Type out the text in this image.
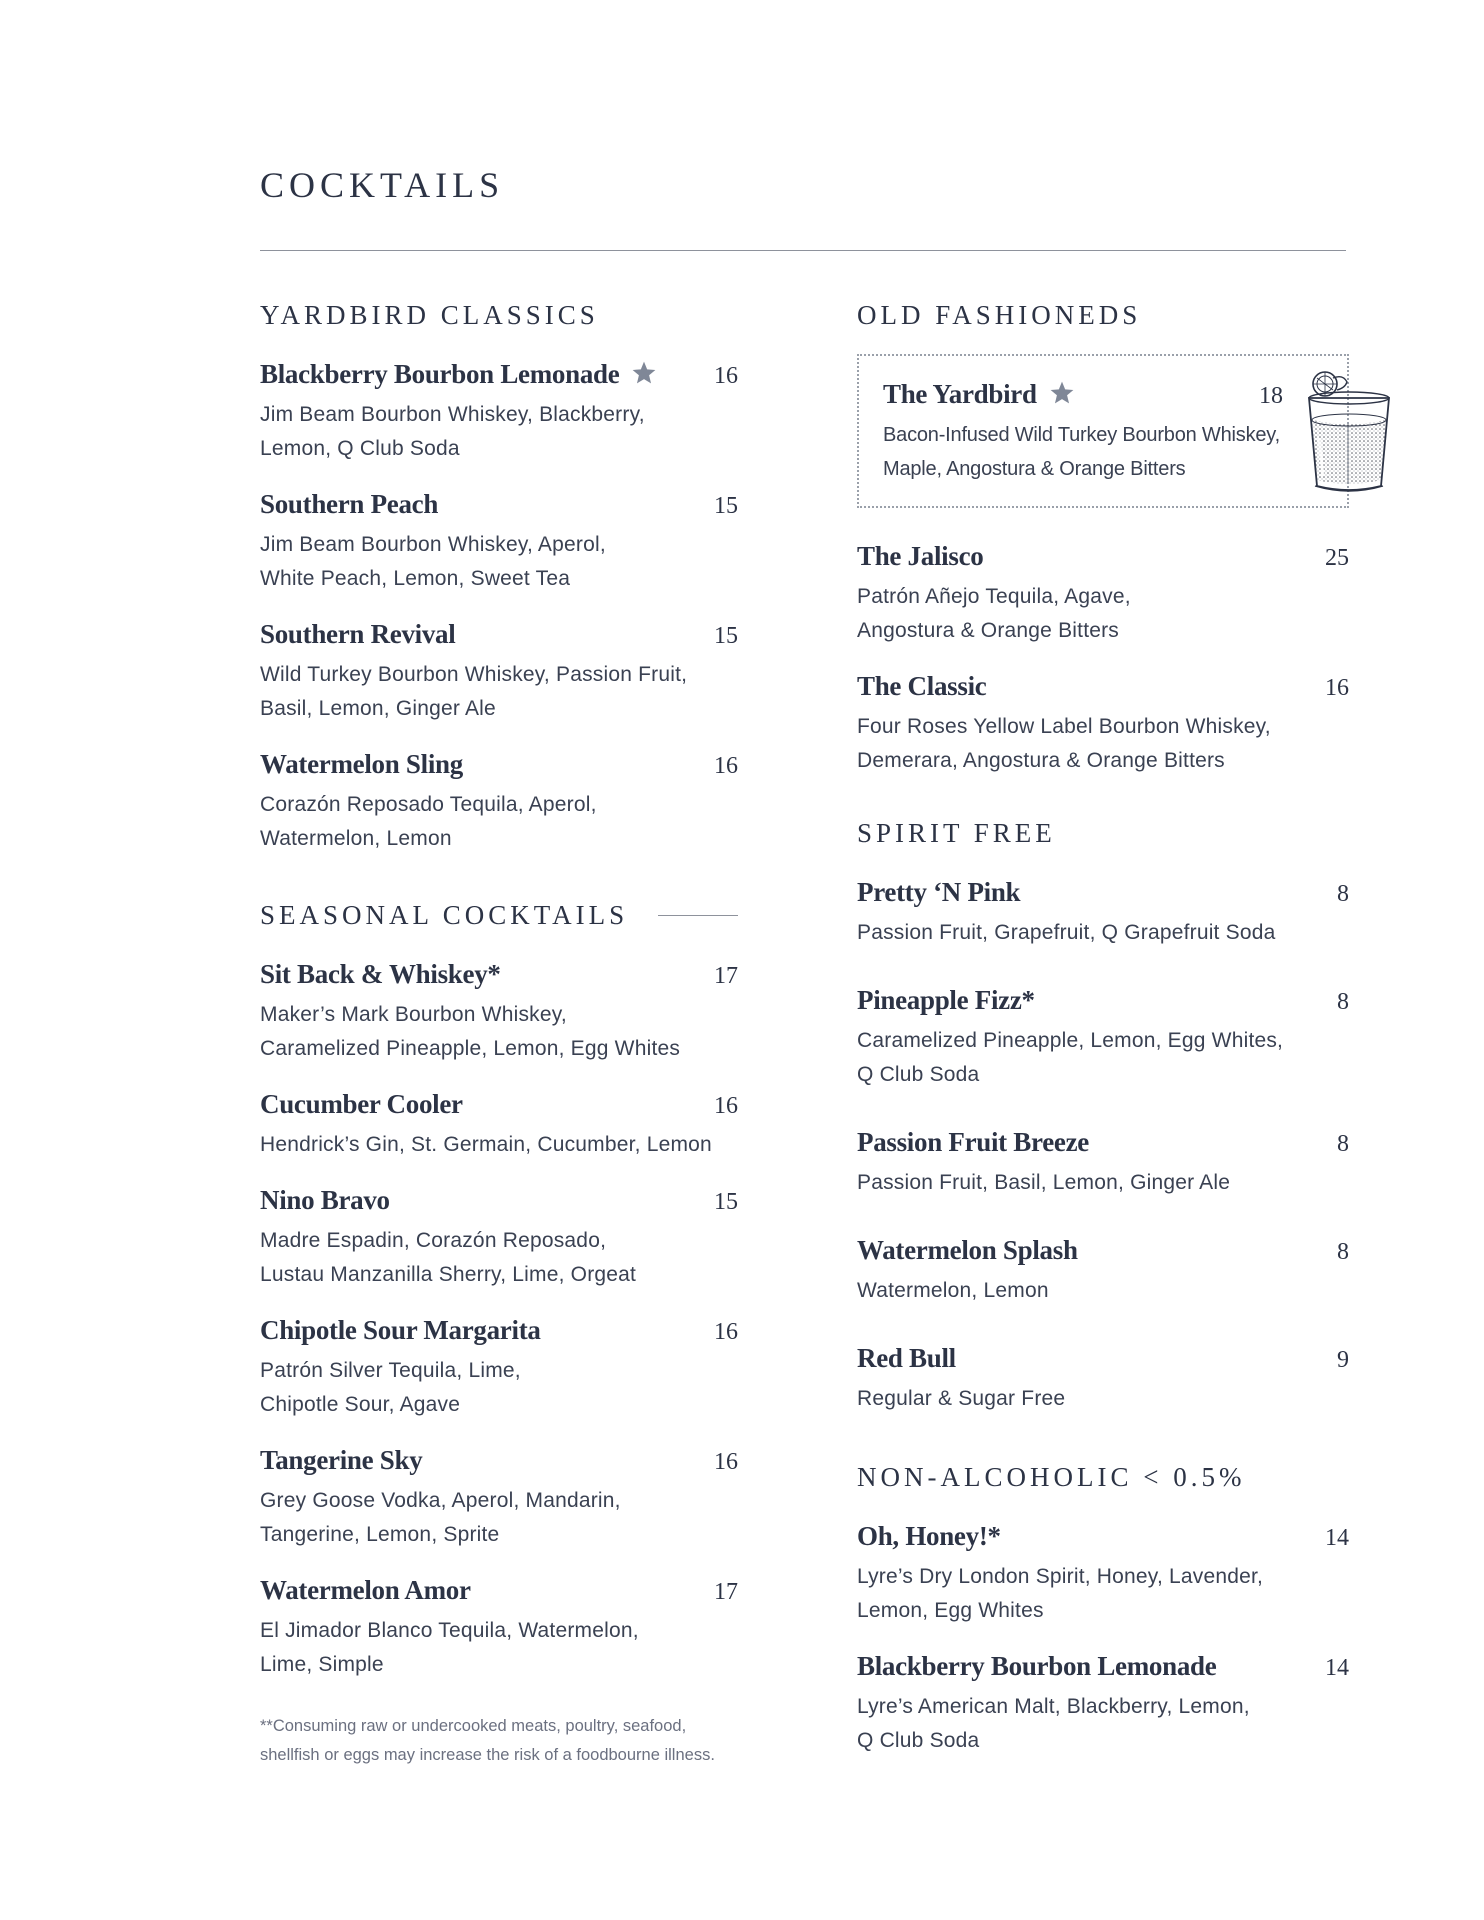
COCKTAILS
YARDBIRD CLASSICS
Blackberry Bourbon Lemonade	16
Jim Beam Bourbon Whiskey, Blackberry,
Lemon, Q Club Soda
Southern Peach	15
Jim Beam Bourbon Whiskey, Aperol,
White Peach, Lemon, Sweet Tea
Southern Revival	15
Wild Turkey Bourbon Whiskey, Passion Fruit,
Basil, Lemon, Ginger Ale
Watermelon Sling	16
Corazón Reposado Tequila, Aperol,
Watermelon, Lemon
SEASONAL COCKTAILS
Sit Back & Whiskey*	17
Maker’s Mark Bourbon Whiskey,
Caramelized Pineapple, Lemon, Egg Whites
Cucumber Cooler	16
Hendrick’s Gin, St. Germain, Cucumber, Lemon
Nino Bravo	15
Madre Espadin, Corazón Reposado,
Lustau Manzanilla Sherry, Lime, Orgeat
Chipotle Sour Margarita	16
Patrón Silver Tequila, Lime,
Chipotle Sour, Agave
Tangerine Sky	16
Grey Goose Vodka, Aperol, Mandarin,
Tangerine, Lemon, Sprite
Watermelon Amor	17
El Jimador Blanco Tequila, Watermelon,
Lime, Simple
OLD FASHIONEDS
The Yardbird	18
Bacon-Infused Wild Turkey Bourbon Whiskey,
Maple, Angostura & Orange Bitters
The Jalisco	25
Patrón Añejo Tequila, Agave,
Angostura & Orange Bitters
The Classic	16
Four Roses Yellow Label Bourbon Whiskey,
Demerara, Angostura & Orange Bitters
SPIRIT FREE
Pretty ‘N Pink	8
Passion Fruit, Grapefruit, Q Grapefruit Soda
Pineapple Fizz*	8
Caramelized Pineapple, Lemon, Egg Whites,
Q Club Soda
Passion Fruit Breeze	8
Passion Fruit, Basil, Lemon, Ginger Ale
Watermelon Splash	8
Watermelon, Lemon
Red Bull	9
Regular & Sugar Free
NON-ALCOHOLIC < 0.5%
Oh, Honey!*	14
Lyre’s Dry London Spirit, Honey, Lavender,
Lemon, Egg Whites
Blackberry Bourbon Lemonade	14
Lyre’s American Malt, Blackberry, Lemon,
Q Club Soda
**Consuming raw or undercooked meats, poultry, seafood,
shellfish or eggs may increase the risk of a foodbourne illness.
